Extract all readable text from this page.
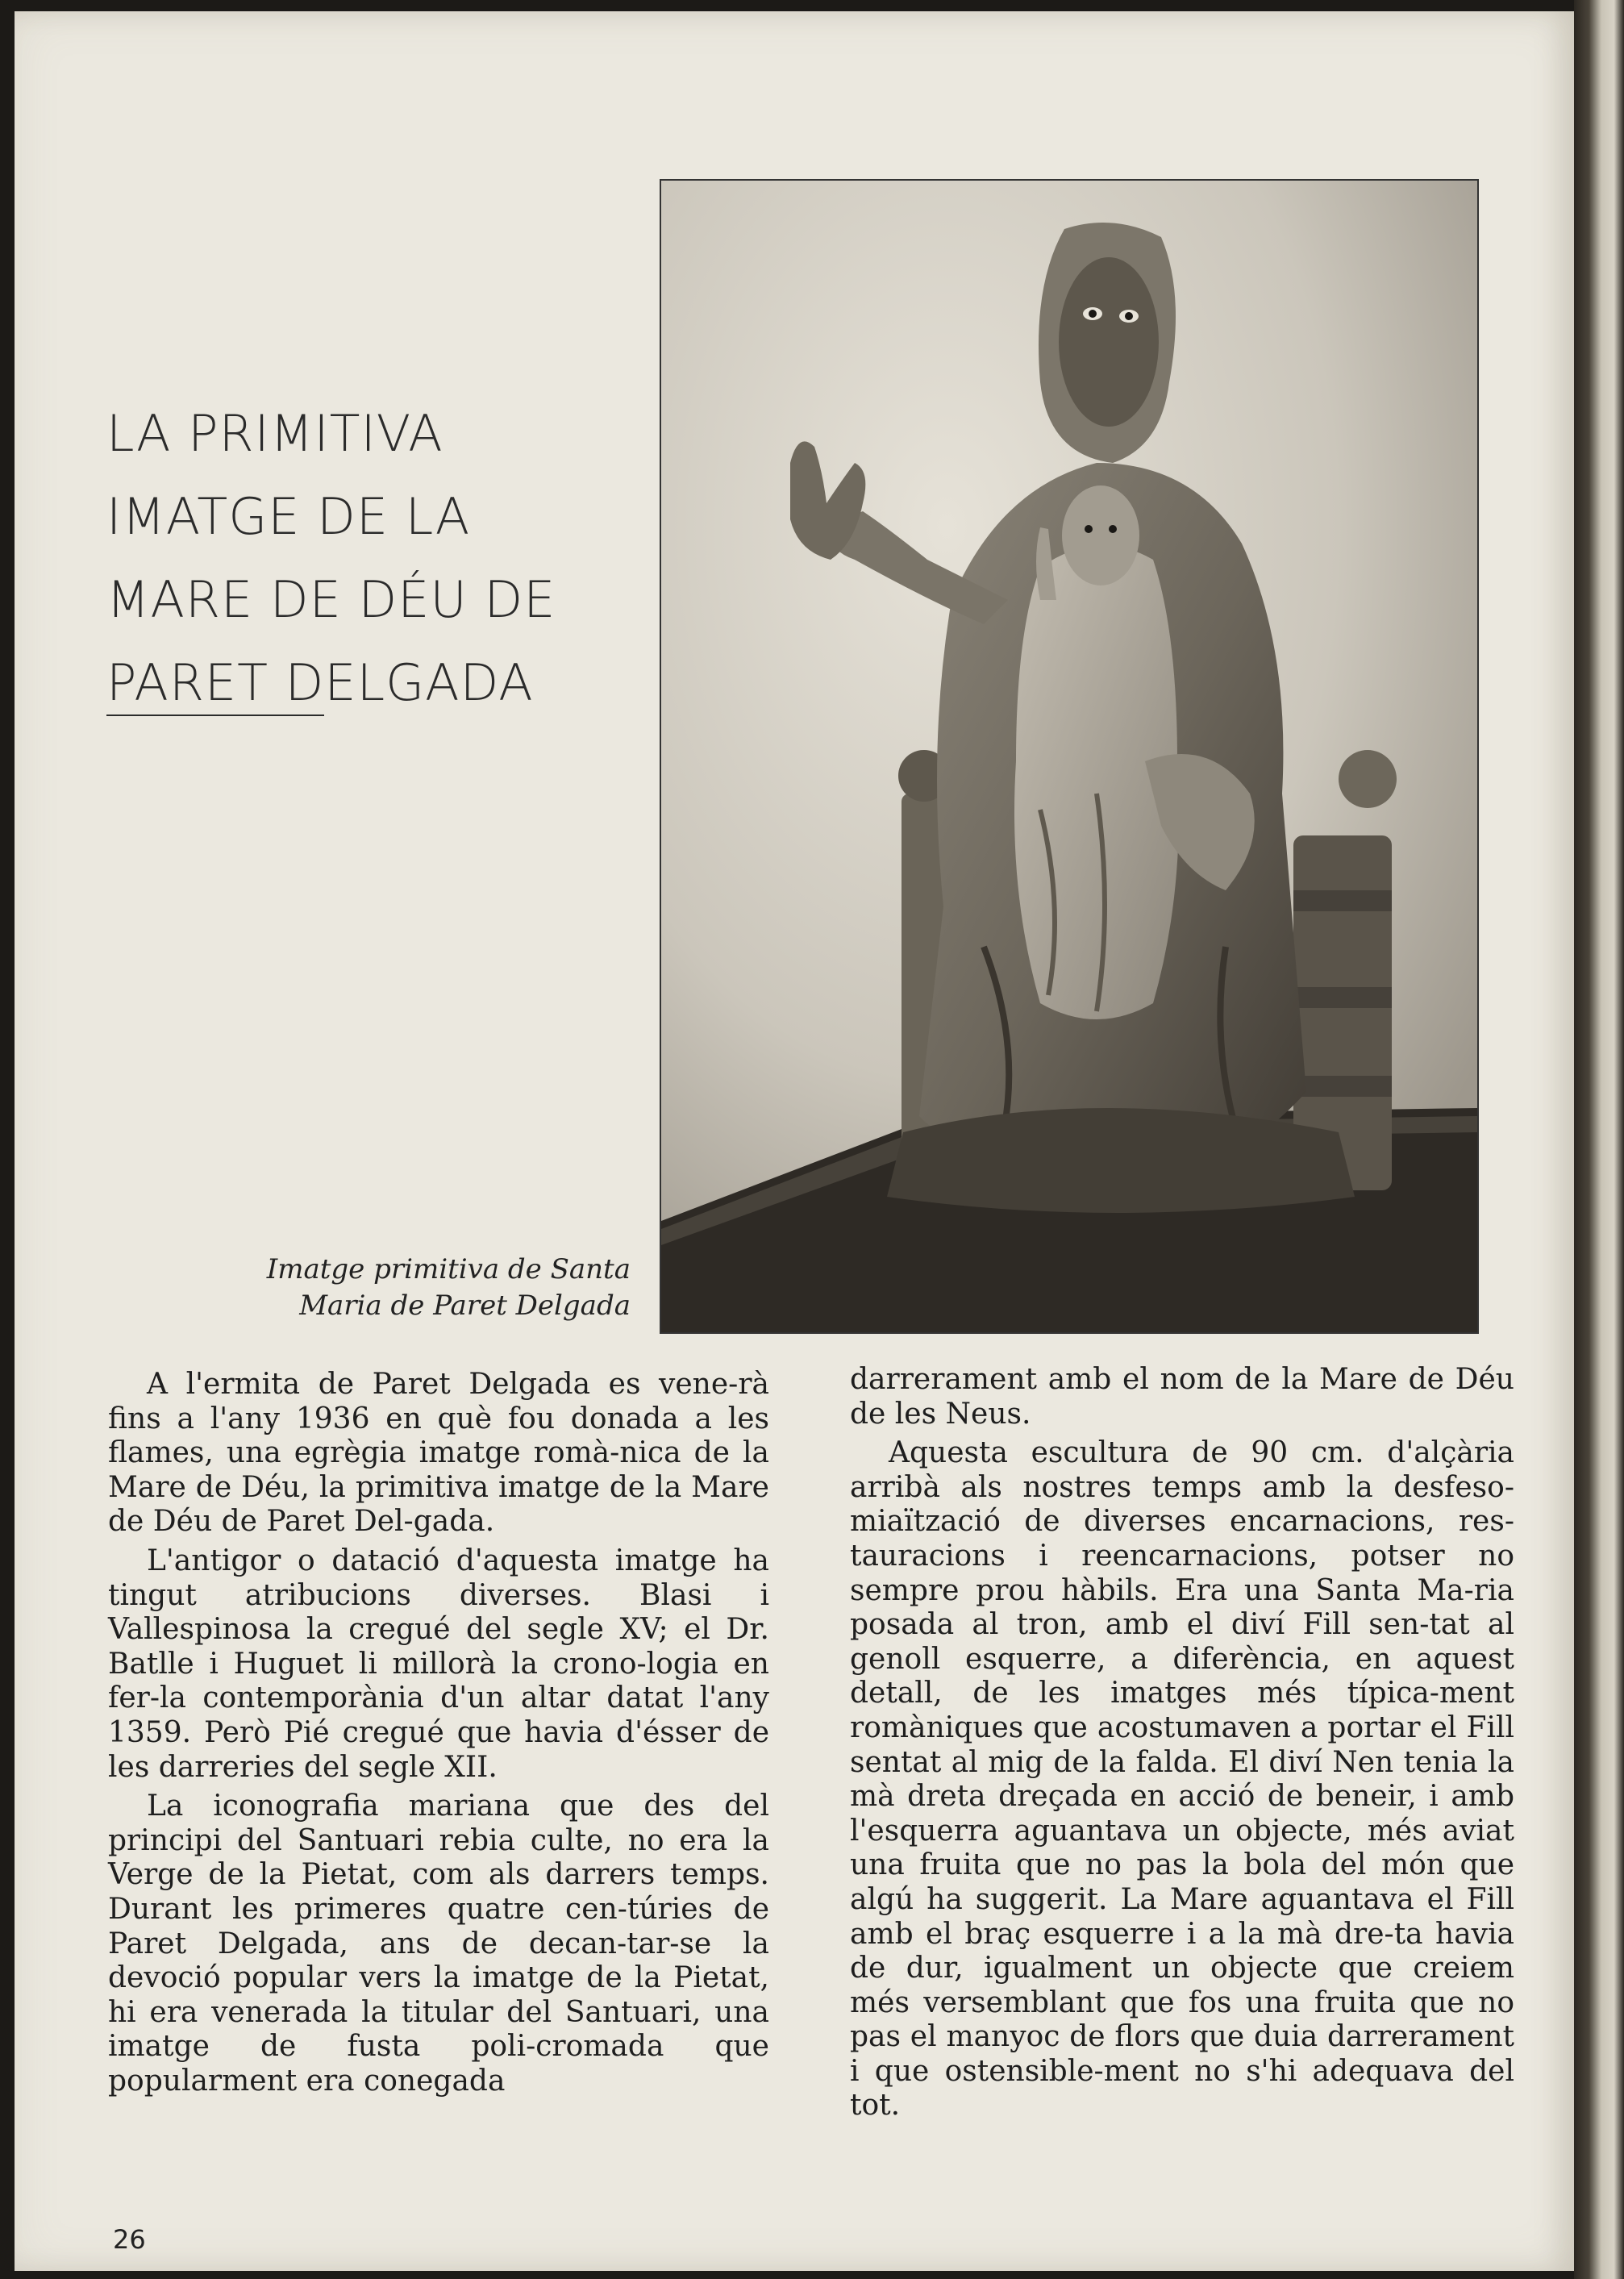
LA PRIMITIVA
IMATGE DE LA
MARE DE DÉU DE
PARET DELGADA
Imatge primitiva de Santa
Maria de Paret Delgada

A l'ermita de Paret Delgada es vene-rà fins a l'any 1936 en què fou donada a les flames, una egrègia imatge romà-nica de la Mare de Déu, la primitiva imatge de la Mare de Déu de Paret Del-gada.

L'antigor o datació d'aquesta imatge ha tingut atribucions diverses. Blasi i Vallespinosa la cregué del segle XV; el Dr. Batlle i Huguet li millorà la crono-logia en fer-la contemporània d'un altar datat l'any 1359. Però Pié cregué que havia d'ésser de les darreries del segle XII.

La iconografia mariana que des del principi del Santuari rebia culte, no era la Verge de la Pietat, com als darrers temps. Durant les primeres quatre cen-túries de Paret Delgada, ans de decan-tar-se la devoció popular vers la imatge de la Pietat, hi era venerada la titular del Santuari, una imatge de fusta poli-cromada que popularment era conegada

darrerament amb el nom de la Mare de Déu de les Neus.

Aquesta escultura de 90 cm. d'alçària arribà als nostres temps amb la desfeso-miaïtzació de diverses encarnacions, res-tauracions i reencarnacions, potser no sempre prou hàbils. Era una Santa Ma-ria posada al tron, amb el diví Fill sen-tat al genoll esquerre, a diferència, en aquest detall, de les imatges més típica-ment romàniques que acostumaven a portar el Fill sentat al mig de la falda. El diví Nen tenia la mà dreta dreçada en acció de beneir, i amb l'esquerra aguantava un objecte, més aviat una fruita que no pas la bola del món que algú ha suggerit. La Mare aguantava el Fill amb el braç esquerre i a la mà dre-ta havia de dur, igualment un objecte que creiem més versemblant que fos una fruita que no pas el manyoc de flors que duia darrerament i que ostensible-ment no s'hi adequava del tot.

26
